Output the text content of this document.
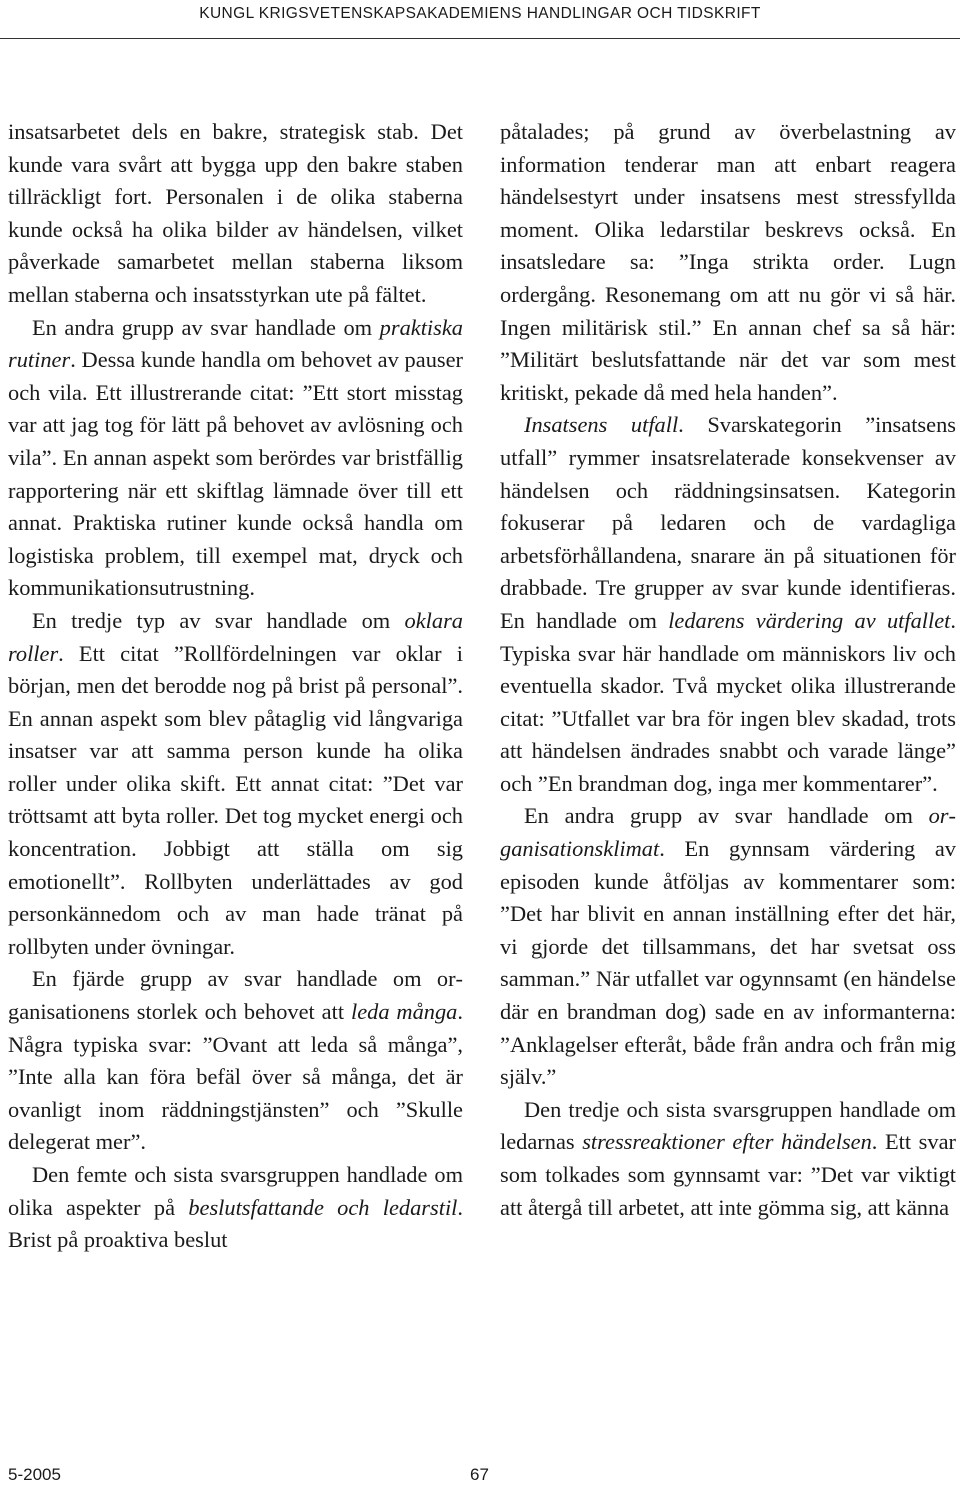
KUNGL KRIGSVETENSKAPSAKADEMIENS HANDLINGAR OCH TIDSKRIFT

insatsarbetet dels en bakre, strategisk stab. Det kunde vara svårt att bygga upp den bakre staben tillräckligt fort. Personalen i de olika staberna kunde också ha olika bilder av händelsen, vilket påverkade samarbetet mellan staberna liksom mellan staberna och insatsstyrkan ute på fältet.

En andra grupp av svar handlade om praktiska rutiner. Dessa kunde handla om behovet av pauser och vila. Ett illustrerande citat: ”Ett stort misstag var att jag tog för lätt på behovet av avlösning och vila”. En annan aspekt som berördes var bristfällig rapportering när ett skiftlag lämnade över till ett annat. Praktiska rutiner kunde också handla om logistiska problem, till exempel mat, dryck och kommunikationsutrustning.

En tredje typ av svar handlade om oklara roller. Ett citat ”Rollfördelningen var oklar i början, men det berodde nog på brist på personal”. En annan aspekt som blev påtaglig vid långvariga insatser var att samma person kunde ha olika roller under olika skift. Ett annat citat: ”Det var tröttsamt att byta roller. Det tog mycket energi och koncentration. Jobbigt att ställa om sig emotionellt”. Rollbyten underlättades av god personkännedom och av man hade tränat på rollbyten under övningar.

En fjärde grupp av svar handlade om organisationens storlek och behovet att leda många. Några typiska svar: ”Ovant att leda så många”, ”Inte alla kan föra befäl över så många, det är ovanligt inom räddningstjänsten” och ”Skulle delegerat mer”.

Den femte och sista svarsgruppen handlade om olika aspekter på beslutsfattande och ledarstil. Brist på proaktiva beslut

påtalades; på grund av överbelastning av information tenderar man att enbart reagera händelsestyrt under insatsens mest stressfyllda moment. Olika ledarstilar beskrevs också. En insatsledare sa: ”Inga strikta order. Lugn ordergång. Resonemang om att nu gör vi så här. Ingen militärisk stil.” En annan chef sa så här: ”Militärt beslutsfattande när det var som mest kritiskt, pekade då med hela handen”.

Insatsens utfall. Svarskategorin ”insatsens utfall” rymmer insatsrelaterade konsekvenser av händelsen och räddningsinsatsen. Kategorin fokuserar på ledaren och de vardagliga arbetsförhållandena, snarare än på situationen för drabbade. Tre grupper av svar kunde identifieras. En handlade om ledarens värdering av utfallet. Typiska svar här handlade om människors liv och eventuella skador. Två mycket olika illustrerande citat: ”Utfallet var bra för ingen blev skadad, trots att händelsen ändrades snabbt och varade länge” och ”En brandman dog, inga mer kommentarer”.

En andra grupp av svar handlade om organisationsklimat. En gynnsam värdering av episoden kunde åtföljas av kommentarer som: ”Det har blivit en annan inställning efter det här, vi gjorde det tillsammans, det har svetsat oss samman.” När utfallet var ogynnsamt (en händelse där en brandman dog) sade en av informanterna: ”Anklagelser efteråt, både från andra och från mig själv.”

Den tredje och sista svarsgruppen handlade om ledarnas stressreaktioner efter händelsen. Ett svar som tolkades som gynnsamt var: ”Det var viktigt att återgå till arbetet, att inte gömma sig, att känna

5-2005	67
